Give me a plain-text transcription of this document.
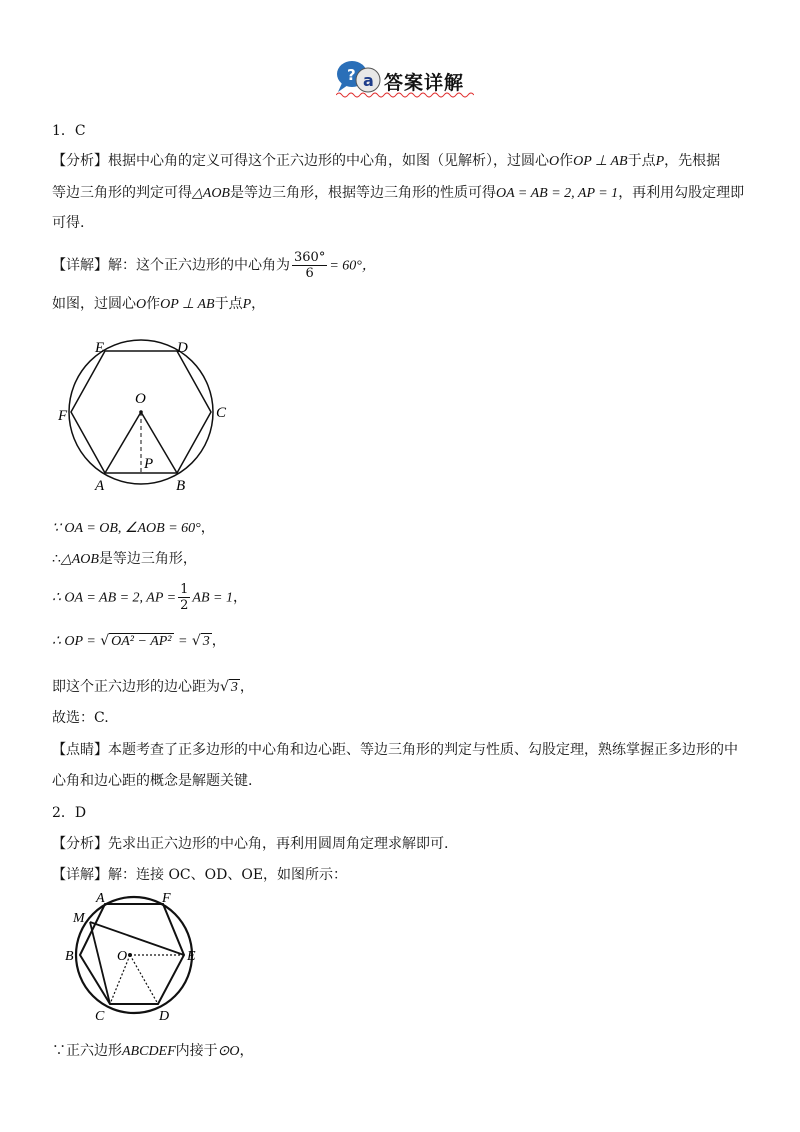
? a 答案详解
1．C
【分析】根据中心角的定义可得这个正六边形的中心角，如图（见解析），过圆心O作OP ⊥ AB于点P，先根据
等边三角形的判定可得△AOB是等边三角形，根据等边三角形的性质可得OA = AB = 2, AP = 1，再利用勾股定理即
可得.
【详解】解：这个正六边形的中心角为 $\frac{360^\circ}{6} = 60^\circ$，
如图，过圆心O作OP ⊥ AB于点P，
E	D
F	C
O
P
A	B
∵ OA = OB, ∠AOB = 60°，
∴△AOB是等边三角形，
∴ OA = AB = 2, AP = $\frac{1}{2}$ AB = 1，
∴ OP = √ OA² − AP² = √ 3 ，
即这个正六边形的边心距为√ 3 ，
故选：C.
【点睛】本题考查了正多边形的中心角和边心距、等边三角形的判定与性质、勾股定理，熟练掌握正多边形的中
心角和边心距的概念是解题关键.
2．D
【分析】先求出正六边形的中心角，再利用圆周角定理求解即可.
【详解】解：连接 OC、OD、OE，如图所示：
A	F
M
B	O	E
C	D
∵正六边形ABCDEF内接于⊙O，
